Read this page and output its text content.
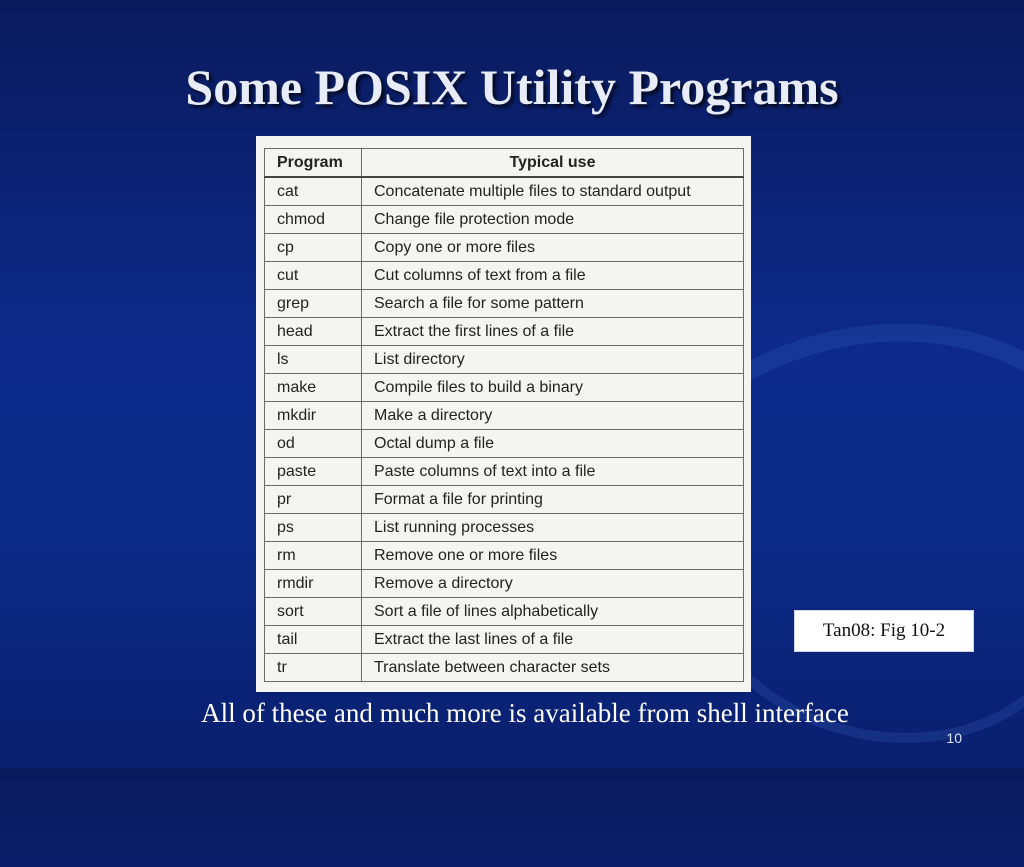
Some POSIX Utility Programs
Program	Typical use
cat	Concatenate multiple files to standard output
chmod	Change file protection mode
cp	Copy one or more files
cut	Cut columns of text from a file
grep	Search a file for some pattern
head	Extract the first lines of a file
ls	List directory
make	Compile files to build a binary
mkdir	Make a directory
od	Octal dump a file
paste	Paste columns of text into a file
pr	Format a file for printing
ps	List running processes
rm	Remove one or more files
rmdir	Remove a directory
sort	Sort a file of lines alphabetically
tail	Extract the last lines of a file
tr	Translate between character sets
Tan08: Fig 10-2
All of these and much more is available from shell interface
10
